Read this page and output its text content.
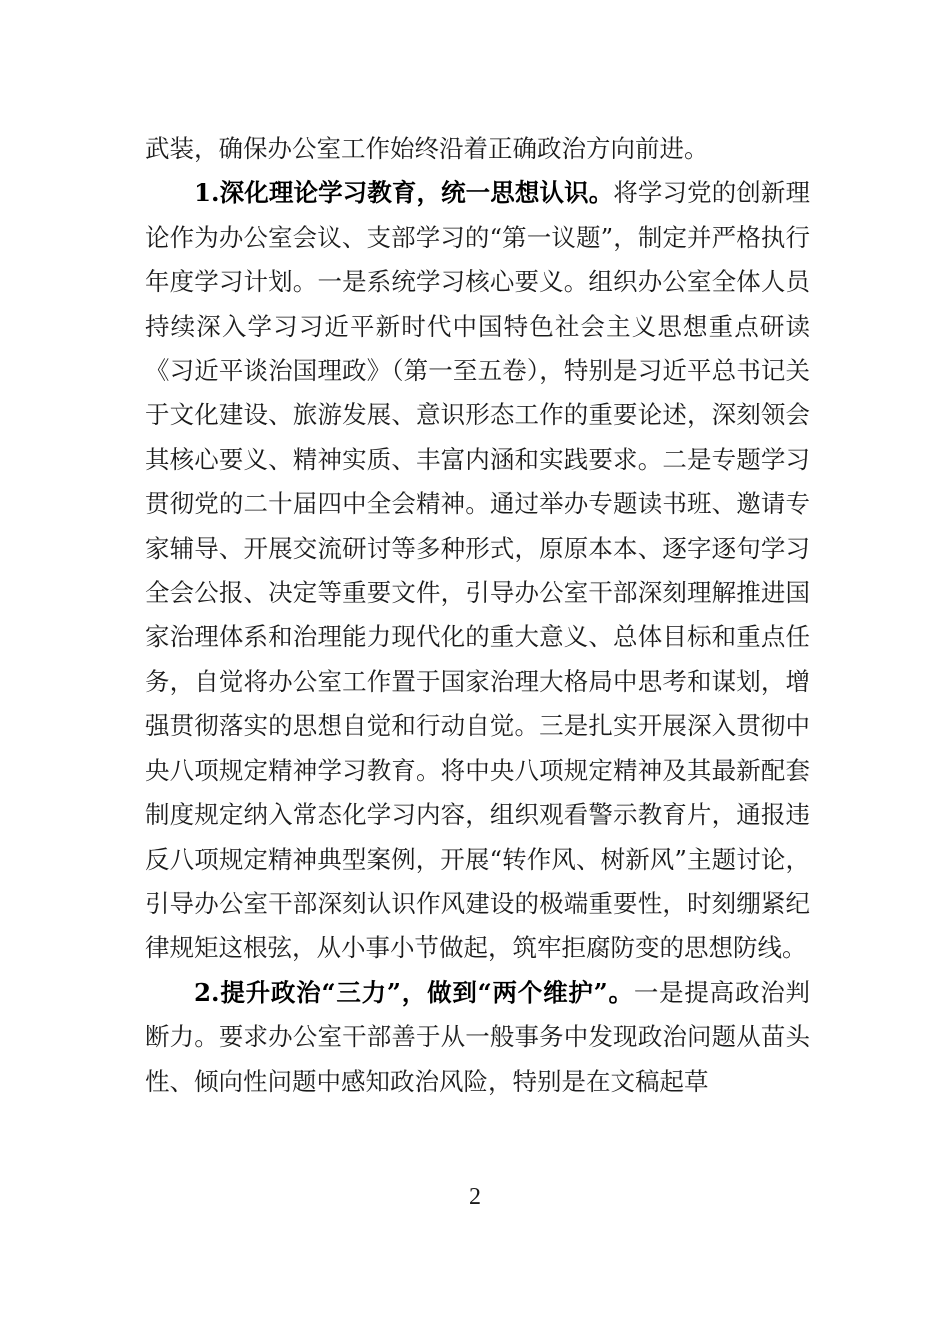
武装，确保办公室工作始终沿着正确政治方向前进。

1.深化理论学习教育，统一思想认识。将学习党的创新理论作为办公室会议、支部学习的“第一议题”，制定并严格执行年度学习计划。一是系统学习核心要义。组织办公室全体人员持续深入学习习近平新时代中国特色社会主义思想重点研读《习近平谈治国理政》（第一至五卷），特别是习近平总书记关于文化建设、旅游发展、意识形态工作的重要论述，深刻领会其核心要义、精神实质、丰富内涵和实践要求。二是专题学习贯彻党的二十届四中全会精神。通过举办专题读书班、邀请专家辅导、开展交流研讨等多种形式，原原本本、逐字逐句学习全会公报、决定等重要文件，引导办公室干部深刻理解推进国家治理体系和治理能力现代化的重大意义、总体目标和重点任务，自觉将办公室工作置于国家治理大格局中思考和谋划，增强贯彻落实的思想自觉和行动自觉。三是扎实开展深入贯彻中央八项规定精神学习教育。将中央八项规定精神及其最新配套制度规定纳入常态化学习内容，组织观看警示教育片，通报违反八项规定精神典型案例，开展“转作风、树新风”主题讨论，引导办公室干部深刻认识作风建设的极端重要性，时刻绷紧纪律规矩这根弦，从小事小节做起，筑牢拒腐防变的思想防线。

2.提升政治“三力”，做到“两个维护”。一是提高政治判断力。要求办公室干部善于从一般事务中发现政治问题从苗头性、倾向性问题中感知政治风险，特别是在文稿起草

2
